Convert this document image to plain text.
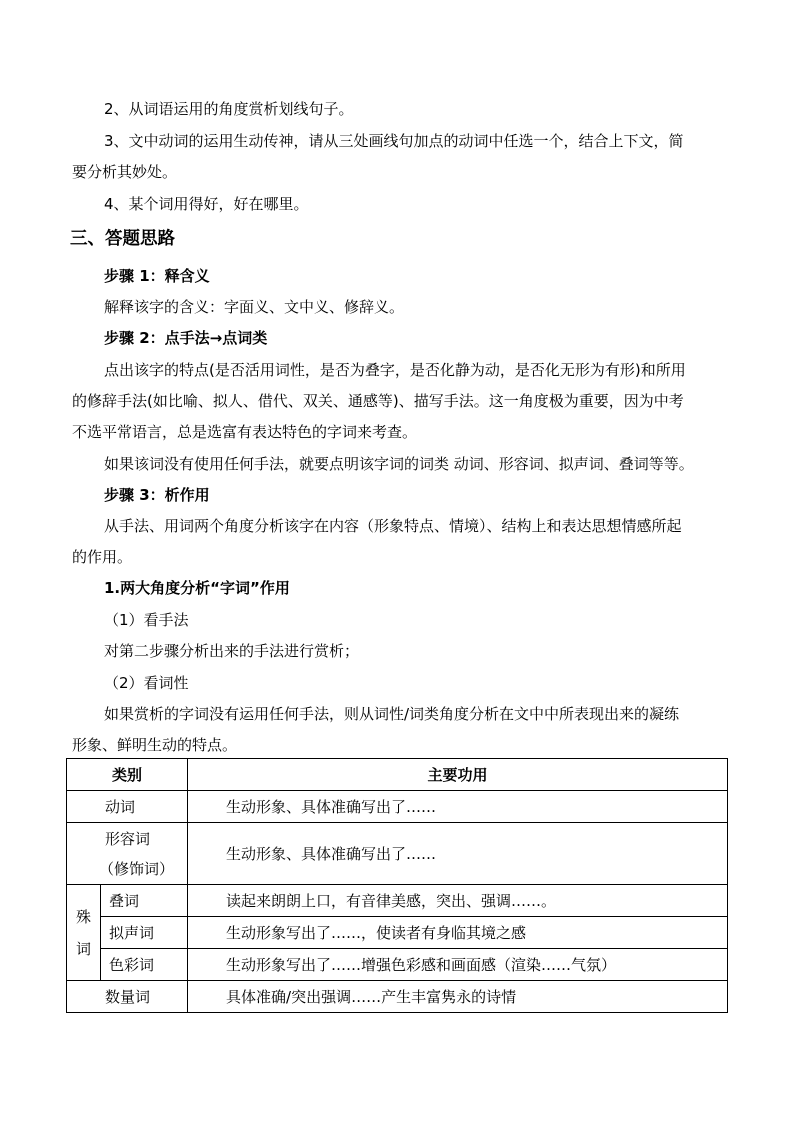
2、从词语运用的角度赏析划线句子。
3、文中动词的运用生动传神，请从三处画线句加点的动词中任选一个，结合上下文，简
要分析其妙处。
4、某个词用得好，好在哪里。
三、答题思路
步骤 1：释含义
解释该字的含义：字面义、文中义、修辞义。
步骤 2：点手法→点词类
点出该字的特点(是否活用词性，是否为叠字，是否化静为动，是否化无形为有形)和所用
的修辞手法(如比喻、拟人、借代、双关、通感等)、描写手法。这一角度极为重要，因为中考
不选平常语言，总是选富有表达特色的字词来考查。
如果该词没有使用任何手法，就要点明该字词的词类 动词、形容词、拟声词、叠词等等。
步骤 3：析作用
从手法、用词两个角度分析该字在内容（形象特点、情境）、结构上和表达思想情感所起
的作用。
1.两大角度分析“字词”作用
（1）看手法
对第二步骤分析出来的手法进行赏析；
（2）看词性
如果赏析的字词没有运用任何手法，则从词性/词类角度分析在文中中所表现出来的凝练
形象、鲜明生动的特点。
类别		主要功用
动词		生动形象、具体准确写出了……

形容词
（修饰词）		生动形象、具体准确写出了……

殊
词	叠词	读起来朗朗上口，有音律美感，突出、强调……。
	拟声词	生动形象写出了……，使读者有身临其境之感
	色彩词	生动形象写出了……增强色彩感和画面感（渲染……气氛）
数量词		具体准确/突出强调……产生丰富隽永的诗情
